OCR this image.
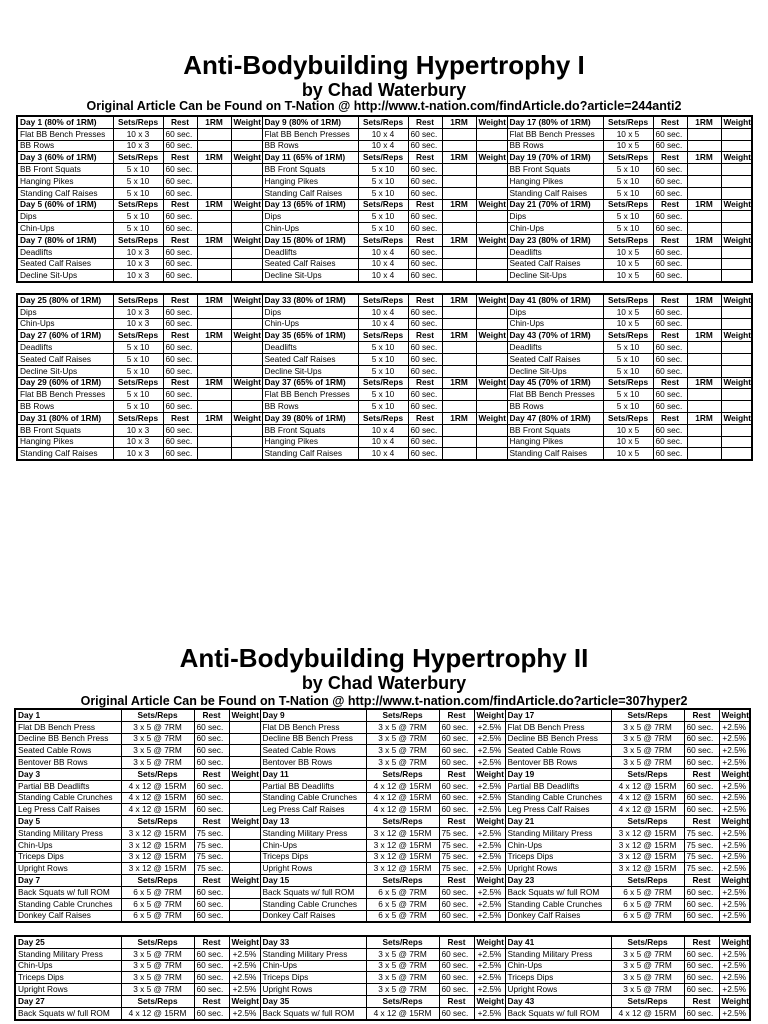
Anti-Bodybuilding Hypertrophy I
by Chad Waterbury
Original Article Can be Found on T-Nation @ http://www.t-nation.com/findArticle.do?article=244anti2
Day 1 (80% of 1RM)	Sets/Reps	Rest	1RM	Weight	Day 9 (80% of 1RM)	Sets/Reps	Rest	1RM	Weight	Day 17 (80% of 1RM)	Sets/Reps	Rest	1RM	Weight
Flat BB Bench Presses	10 x 3	60 sec.			Flat BB Bench Presses	10 x 4	60 sec.			Flat BB Bench Presses	10 x 5	60 sec.		
BB Rows	10 x 3	60 sec.			BB Rows	10 x 4	60 sec.			BB Rows	10 x 5	60 sec.		
Day 3 (60% of 1RM)	Sets/Reps	Rest	1RM	Weight	Day 11 (65% of 1RM)	Sets/Reps	Rest	1RM	Weight	Day 19 (70% of 1RM)	Sets/Reps	Rest	1RM	Weight
BB Front Squats	5 x 10	60 sec.			BB Front Squats	5 x 10	60 sec.			BB Front Squats	5 x 10	60 sec.		
Hanging Pikes	5 x 10	60 sec.			Hanging Pikes	5 x 10	60 sec.			Hanging Pikes	5 x 10	60 sec.		
Standing Calf Raises	5 x 10	60 sec.			Standing Calf Raises	5 x 10	60 sec.			Standing Calf Raises	5 x 10	60 sec.		
Day 5 (60% of 1RM)	Sets/Reps	Rest	1RM	Weight	Day 13 (65% of 1RM)	Sets/Reps	Rest	1RM	Weight	Day 21 (70% of 1RM)	Sets/Reps	Rest	1RM	Weight
Dips	5 x 10	60 sec.			Dips	5 x 10	60 sec.			Dips	5 x 10	60 sec.		
Chin-Ups	5 x 10	60 sec.			Chin-Ups	5 x 10	60 sec.			Chin-Ups	5 x 10	60 sec.		
Day 7 (80% of 1RM)	Sets/Reps	Rest	1RM	Weight	Day 15 (80% of 1RM)	Sets/Reps	Rest	1RM	Weight	Day 23 (80% of 1RM)	Sets/Reps	Rest	1RM	Weight
Deadlifts	10 x 3	60 sec.			Deadlifts	10 x 4	60 sec.			Deadlifts	10 x 5	60 sec.		
Seated Calf Raises	10 x 3	60 sec.			Seated Calf Raises	10 x 4	60 sec.			Seated Calf Raises	10 x 5	60 sec.		
Decline Sit-Ups	10 x 3	60 sec.			Decline Sit-Ups	10 x 4	60 sec.			Decline Sit-Ups	10 x 5	60 sec.		
Day 25 (80% of 1RM)	Sets/Reps	Rest	1RM	Weight	Day 33 (80% of 1RM)	Sets/Reps	Rest	1RM	Weight	Day 41 (80% of 1RM)	Sets/Reps	Rest	1RM	Weight
Dips	10 x 3	60 sec.			Dips	10 x 4	60 sec.			Dips	10 x 5	60 sec.		
Chin-Ups	10 x 3	60 sec.			Chin-Ups	10 x 4	60 sec.			Chin-Ups	10 x 5	60 sec.		
Day 27 (60% of 1RM)	Sets/Reps	Rest	1RM	Weight	Day 35 (65% of 1RM)	Sets/Reps	Rest	1RM	Weight	Day 43 (70% of 1RM)	Sets/Reps	Rest	1RM	Weight
Deadlifts	5 x 10	60 sec.			Deadlifts	5 x 10	60 sec.			Deadlifts	5 x 10	60 sec.		
Seated Calf Raises	5 x 10	60 sec.			Seated Calf Raises	5 x 10	60 sec.			Seated Calf Raises	5 x 10	60 sec.		
Decline Sit-Ups	5 x 10	60 sec.			Decline Sit-Ups	5 x 10	60 sec.			Decline Sit-Ups	5 x 10	60 sec.		
Day 29 (60% of 1RM)	Sets/Reps	Rest	1RM	Weight	Day 37 (65% of 1RM)	Sets/Reps	Rest	1RM	Weight	Day 45 (70% of 1RM)	Sets/Reps	Rest	1RM	Weight
Flat BB Bench Presses	5 x 10	60 sec.			Flat BB Bench Presses	5 x 10	60 sec.			Flat BB Bench Presses	5 x 10	60 sec.		
BB Rows	5 x 10	60 sec.			BB Rows	5 x 10	60 sec.			BB Rows	5 x 10	60 sec.		
Day 31 (80% of 1RM)	Sets/Reps	Rest	1RM	Weight	Day 39 (80% of 1RM)	Sets/Reps	Rest	1RM	Weight	Day 47 (80% of 1RM)	Sets/Reps	Rest	1RM	Weight
BB Front Squats	10 x 3	60 sec.			BB Front Squats	10 x 4	60 sec.			BB Front Squats	10 x 5	60 sec.		
Hanging Pikes	10 x 3	60 sec.			Hanging Pikes	10 x 4	60 sec.			Hanging Pikes	10 x 5	60 sec.		
Standing Calf Raises	10 x 3	60 sec.			Standing Calf Raises	10 x 4	60 sec.			Standing Calf Raises	10 x 5	60 sec.		
Anti-Bodybuilding Hypertrophy II
by Chad Waterbury
Original Article Can be Found on T-Nation @ http://www.t-nation.com/findArticle.do?article=307hyper2
Day 1	Sets/Reps	Rest	Weight	Day 9	Sets/Reps	Rest	Weight	Day 17	Sets/Reps	Rest	Weight
Flat DB Bench Press	3 x 5 @ 7RM	60 sec.		Flat DB Bench Press	3 x 5 @ 7RM	60 sec.	+2.5%	Flat DB Bench Press	3 x 5 @ 7RM	60 sec.	+2.5%
Decline BB Bench Press	3 x 5 @ 7RM	60 sec.		Decline BB Bench Press	3 x 5 @ 7RM	60 sec.	+2.5%	Decline BB Bench Press	3 x 5 @ 7RM	60 sec.	+2.5%
Seated Cable Rows	3 x 5 @ 7RM	60 sec.		Seated Cable Rows	3 x 5 @ 7RM	60 sec.	+2.5%	Seated Cable Rows	3 x 5 @ 7RM	60 sec.	+2.5%
Bentover BB Rows	3 x 5 @ 7RM	60 sec.		Bentover BB Rows	3 x 5 @ 7RM	60 sec.	+2.5%	Bentover BB Rows	3 x 5 @ 7RM	60 sec.	+2.5%
Day 3	Sets/Reps	Rest	Weight	Day 11	Sets/Reps	Rest	Weight	Day 19	Sets/Reps	Rest	Weight
Partial BB Deadlifts	4 x 12 @ 15RM	60 sec.		Partial BB Deadlifts	4 x 12 @ 15RM	60 sec.	+2.5%	Partial BB Deadlifts	4 x 12 @ 15RM	60 sec.	+2.5%
Standing Cable Crunches	4 x 12 @ 15RM	60 sec.		Standing Cable Crunches	4 x 12 @ 15RM	60 sec.	+2.5%	Standing Cable Crunches	4 x 12 @ 15RM	60 sec.	+2.5%
Leg Press Calf Raises	4 x 12 @ 15RM	60 sec.		Leg Press Calf Raises	4 x 12 @ 15RM	60 sec.	+2.5%	Leg Press Calf Raises	4 x 12 @ 15RM	60 sec.	+2.5%
Day 5	Sets/Reps	Rest	Weight	Day 13	Sets/Reps	Rest	Weight	Day 21	Sets/Reps	Rest	Weight
Standing Military Press	3 x 12 @ 15RM	75 sec.		Standing Military Press	3 x 12 @ 15RM	75 sec.	+2.5%	Standing Military Press	3 x 12 @ 15RM	75 sec.	+2.5%
Chin-Ups	3 x 12 @ 15RM	75 sec.		Chin-Ups	3 x 12 @ 15RM	75 sec.	+2.5%	Chin-Ups	3 x 12 @ 15RM	75 sec.	+2.5%
Triceps Dips	3 x 12 @ 15RM	75 sec.		Triceps Dips	3 x 12 @ 15RM	75 sec.	+2.5%	Triceps Dips	3 x 12 @ 15RM	75 sec.	+2.5%
Upright Rows	3 x 12 @ 15RM	75 sec.		Upright Rows	3 x 12 @ 15RM	75 sec.	+2.5%	Upright Rows	3 x 12 @ 15RM	75 sec.	+2.5%
Day 7	Sets/Reps	Rest	Weight	Day 15	Sets/Reps	Rest	Weight	Day 23	Sets/Reps	Rest	Weight
Back Squats w/ full ROM	6 x 5 @ 7RM	60 sec.		Back Squats w/ full ROM	6 x 5 @ 7RM	60 sec.	+2.5%	Back Squats w/ full ROM	6 x 5 @ 7RM	60 sec.	+2.5%
Standing Cable Crunches	6 x 5 @ 7RM	60 sec.		Standing Cable Crunches	6 x 5 @ 7RM	60 sec.	+2.5%	Standing Cable Crunches	6 x 5 @ 7RM	60 sec.	+2.5%
Donkey Calf Raises	6 x 5 @ 7RM	60 sec.		Donkey Calf Raises	6 x 5 @ 7RM	60 sec.	+2.5%	Donkey Calf Raises	6 x 5 @ 7RM	60 sec.	+2.5%
Day 25	Sets/Reps	Rest	Weight	Day 33	Sets/Reps	Rest	Weight	Day 41	Sets/Reps	Rest	Weight
Standing Military Press	3 x 5 @ 7RM	60 sec.	+2.5%	Standing Military Press	3 x 5 @ 7RM	60 sec.	+2.5%	Standing Military Press	3 x 5 @ 7RM	60 sec.	+2.5%
Chin-Ups	3 x 5 @ 7RM	60 sec.	+2.5%	Chin-Ups	3 x 5 @ 7RM	60 sec.	+2.5%	Chin-Ups	3 x 5 @ 7RM	60 sec.	+2.5%
Triceps Dips	3 x 5 @ 7RM	60 sec.	+2.5%	Triceps Dips	3 x 5 @ 7RM	60 sec.	+2.5%	Triceps Dips	3 x 5 @ 7RM	60 sec.	+2.5%
Upright Rows	3 x 5 @ 7RM	60 sec.	+2.5%	Upright Rows	3 x 5 @ 7RM	60 sec.	+2.5%	Upright Rows	3 x 5 @ 7RM	60 sec.	+2.5%
Day 27	Sets/Reps	Rest	Weight	Day 35	Sets/Reps	Rest	Weight	Day 43	Sets/Reps	Rest	Weight
Back Squats w/ full ROM	4 x 12 @ 15RM	60 sec.	+2.5%	Back Squats w/ full ROM	4 x 12 @ 15RM	60 sec.	+2.5%	Back Squats w/ full ROM	4 x 12 @ 15RM	60 sec.	+2.5%
